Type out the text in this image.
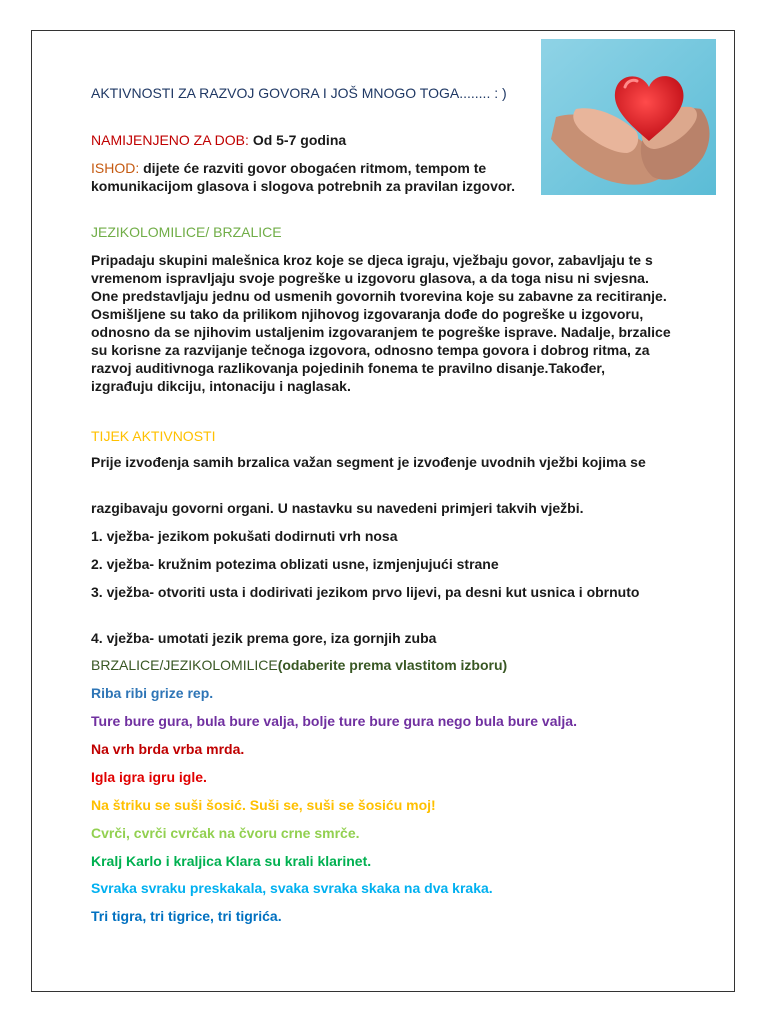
AKTIVNOSTI ZA RAZVOJ GOVORA I JOŠ MNOGO TOGA........ : )

NAMIJENJENO ZA DOB: Od 5-7 godina

ISHOD: dijete će razviti govor obogaćen ritmom, tempom te komunikacijom glasova i slogova potrebnih za pravilan izgovor.

JEZIKOLOMILICE/ BRZALICE

Pripadaju skupini malešnica kroz koje se djeca igraju, vježbaju govor, zabavljaju te s vremenom ispravljaju svoje pogreške u izgovoru glasova, a da toga nisu ni svjesna. One predstavljaju jednu od usmenih govornih tvorevina koje su zabavne za recitiranje. Osmišljene su tako da prilikom njihovog izgovaranja dođe do pogreške u izgovoru, odnosno da se njihovim ustaljenim izgovaranjem te pogreške isprave. Nadalje, brzalice su korisne za razvijanje tečnoga izgovora, odnosno tempa govora i dobrog ritma, za razvoj auditivnoga razlikovanja pojedinih fonema te pravilno disanje.Također, izgrađuju dikciju, intonaciju i naglasak.

TIJEK AKTIVNOSTI

Prije izvođenja samih brzalica važan segment je izvođenje uvodnih vježbi kojima se

razgibavaju govorni organi. U nastavku su navedeni primjeri takvih vježbi.

1. vježba- jezikom pokušati dodirnuti vrh nosa

2. vježba- kružnim potezima oblizati usne, izmjenjujući strane

3. vježba- otvoriti usta i dodirivati jezikom prvo lijevi, pa desni kut usnica i obrnuto

4. vježba- umotati jezik prema gore, iza gornjih zuba

BRZALICE/JEZIKOLOMILICE(odaberite prema vlastitom izboru)

Riba ribi grize rep.

Ture bure gura, bula bure valja, bolje ture bure gura nego bula bure valja.

Na vrh brda vrba mrda.

Igla igra igru igle.

Na štriku se suši šosić. Suši se, suši se šosiću moj!

Cvrči, cvrči cvrčak na čvoru crne smrče.

Kralj Karlo i kraljica Klara su krali klarinet.

Svraka svraku preskakala, svaka svraka skaka na dva kraka.

Tri tigra, tri tigrice, tri tigrića.
